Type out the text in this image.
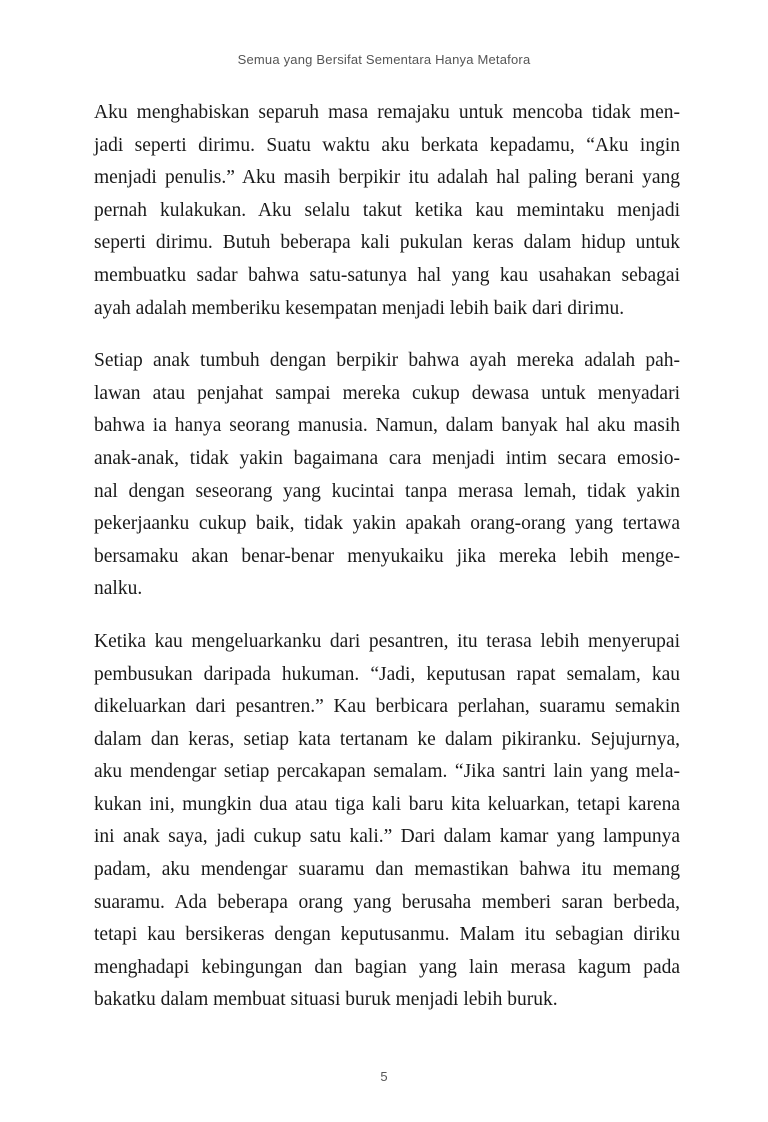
Semua yang Bersifat Sementara Hanya Metafora

Aku menghabiskan separuh masa remajaku untuk mencoba tidak men-
jadi seperti dirimu. Suatu waktu aku berkata kepadamu, “Aku ingin
menjadi penulis.” Aku masih berpikir itu adalah hal paling berani yang
pernah kulakukan. Aku selalu takut ketika kau memintaku menjadi
seperti dirimu. Butuh beberapa kali pukulan keras dalam hidup untuk
membuatku sadar bahwa satu-satunya hal yang kau usahakan sebagai
ayah adalah memberiku kesempatan menjadi lebih baik dari dirimu.

Setiap anak tumbuh dengan berpikir bahwa ayah mereka adalah pah-
lawan atau penjahat sampai mereka cukup dewasa untuk menyadari
bahwa ia hanya seorang manusia. Namun, dalam banyak hal aku masih
anak-anak, tidak yakin bagaimana cara menjadi intim secara emosio-
nal dengan seseorang yang kucintai tanpa merasa lemah, tidak yakin
pekerjaanku cukup baik, tidak yakin apakah orang-orang yang tertawa
bersamaku akan benar-benar menyukaiku jika mereka lebih menge-
nalku.

Ketika kau mengeluarkanku dari pesantren, itu terasa lebih menyerupai
pembusukan daripada hukuman. “Jadi, keputusan rapat semalam, kau
dikeluarkan dari pesantren.” Kau berbicara perlahan, suaramu semakin
dalam dan keras, setiap kata tertanam ke dalam pikiranku. Sejujurnya,
aku mendengar setiap percakapan semalam. “Jika santri lain yang mela-
kukan ini, mungkin dua atau tiga kali baru kita keluarkan, tetapi karena
ini anak saya, jadi cukup satu kali.” Dari dalam kamar yang lampunya
padam, aku mendengar suaramu dan memastikan bahwa itu memang
suaramu. Ada beberapa orang yang berusaha memberi saran berbeda,
tetapi kau bersikeras dengan keputusanmu. Malam itu sebagian diriku
menghadapi kebingungan dan bagian yang lain merasa kagum pada
bakatku dalam membuat situasi buruk menjadi lebih buruk.

5
